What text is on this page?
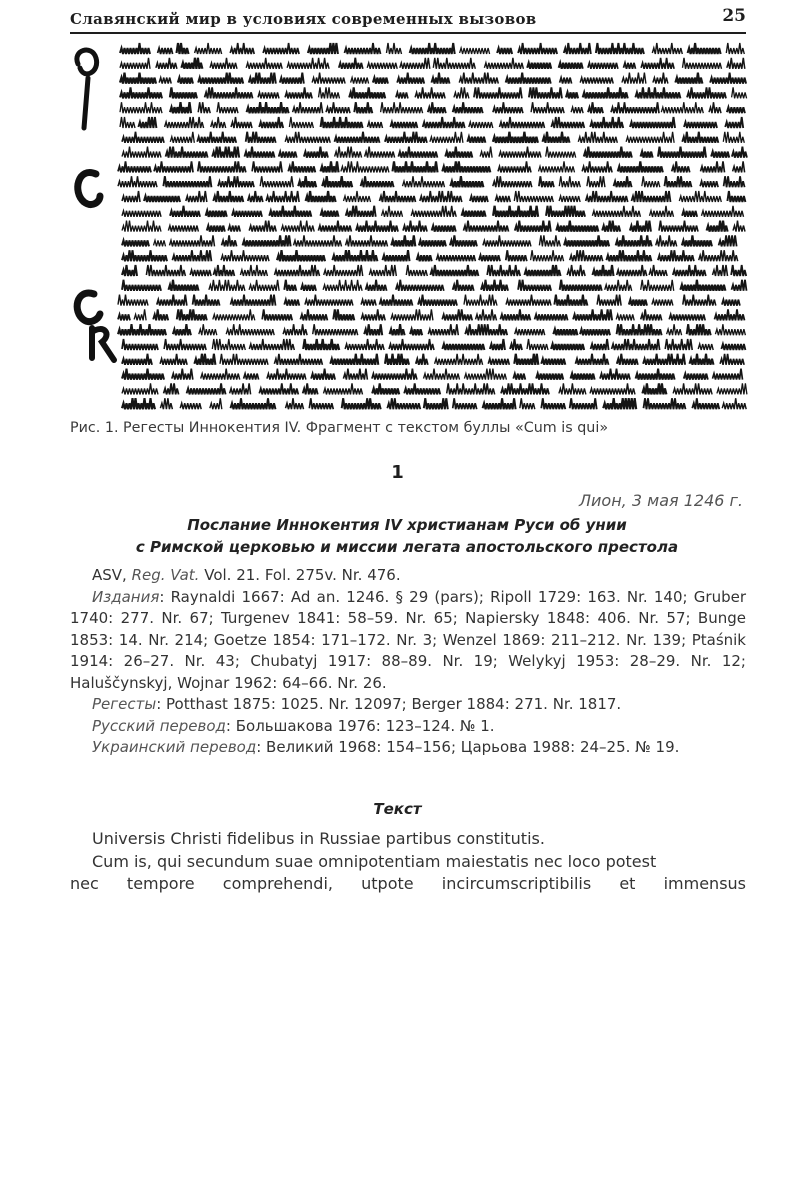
Славянский мир в условиях современных вызовов	25
Рис. 1. Регесты Иннокентия IV. Фрагмент с текстом буллы «Cum is qui»
1
Лион, 3 мая 1246 г.
Послание Иннокентия IV христианам Руси об унии
с Римской церковью и миссии легата апостольского престола

ASV, Reg. Vat. Vol. 21. Fol. 275v. Nr. 476.

Издания: Raynaldi 1667: Ad an. 1246. § 29 (pars); Ripoll 1729: 163. Nr. 140; Gruber 1740: 277. Nr. 67; Turgenev 1841: 58–59. Nr. 65; Napiersky 1848: 406. Nr. 57; Bunge 1853: 14. Nr. 214; Goetze 1854: 171–172. Nr. 3; Wenzel 1869: 211–212. Nr. 139; Ptaśnik 1914: 26–27. Nr. 43; Chubatyj 1917: 88–89. Nr. 19; Welykyj 1953: 28–29. Nr. 12; Haluščynskyj, Wojnar 1962: 64–66. Nr. 26.

Регесты: Potthast 1875: 1025. Nr. 12097; Berger 1884: 271. Nr. 1817.

Русский перевод: Большакова 1976: 123–124. № 1.

Украинский перевод: Великий 1968: 154–156; Царьова 1988: 24–25. № 19.

Текст

Universis Christi fidelibus in Russiae partibus constitutis.

Cum is, qui secundum suae omnipotentiam maiestatis nec loco potest

nec tempore comprehendi, utpote incircumscriptibilis et immensus
